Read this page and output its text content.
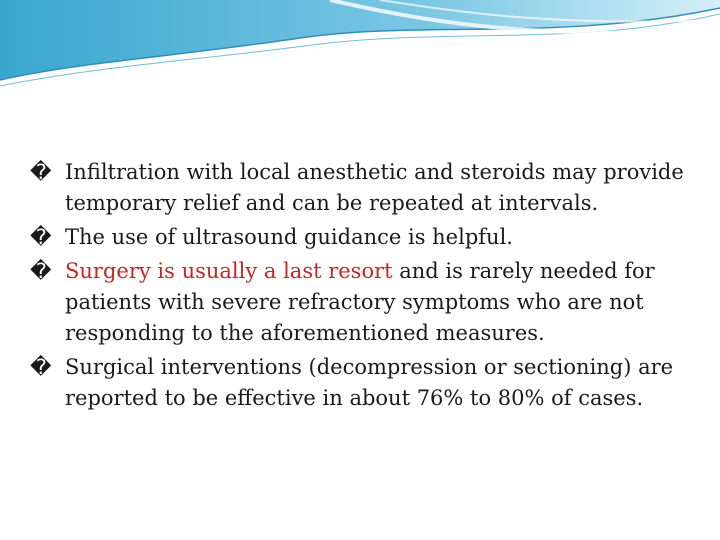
� Infiltration with local anesthetic and steroids may provide temporary relief and can be repeated at intervals.

� The use of ultrasound guidance is helpful.

� Surgery is usually a last resort and is rarely needed for patients with severe refractory symptoms who are not responding to the aforementioned measures.

� Surgical interventions (decompression or sectioning) are reported to be effective in about 76% to 80% of cases.
